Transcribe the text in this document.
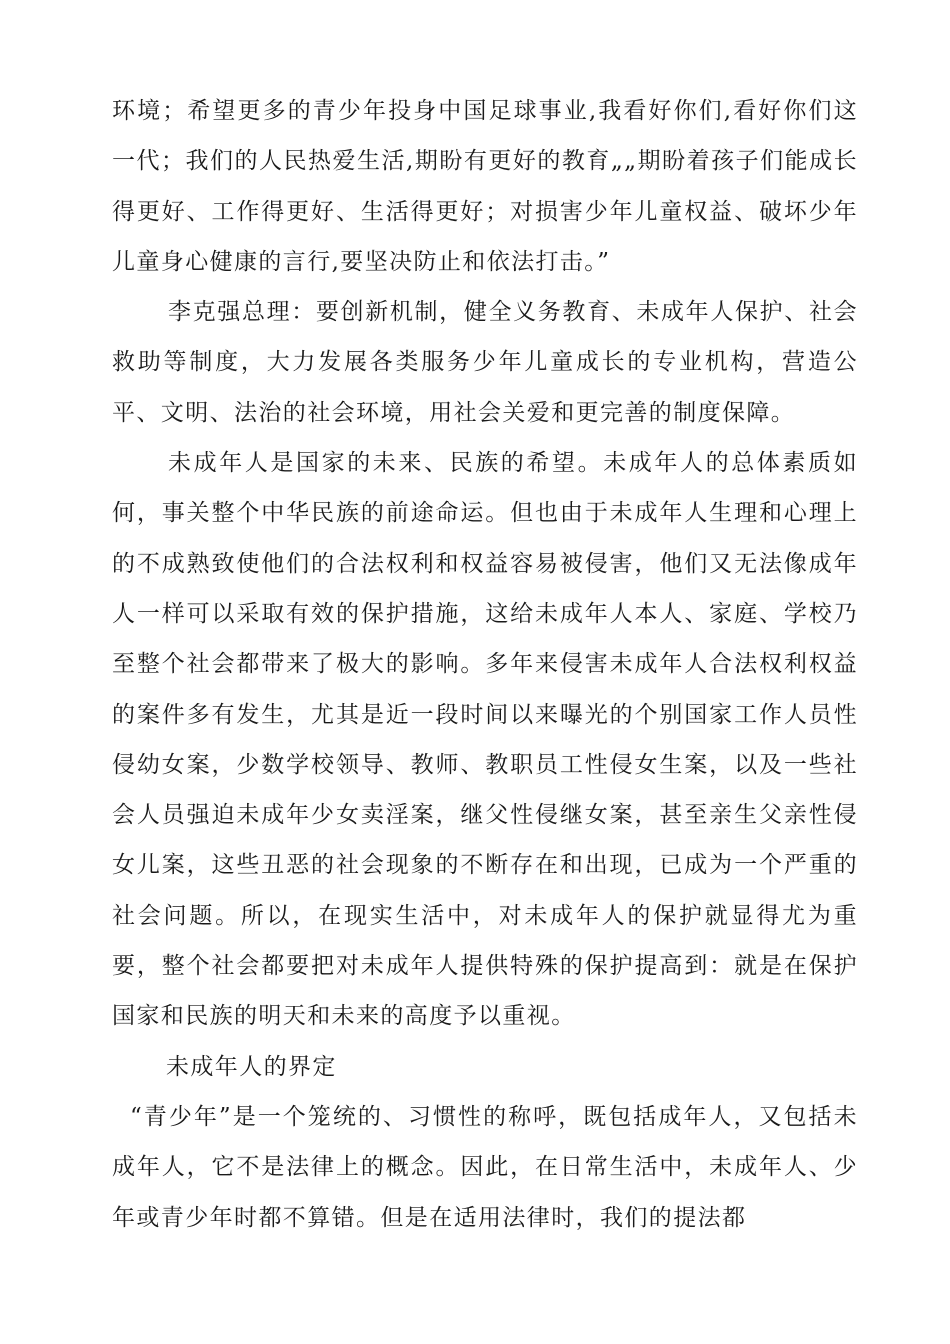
环境；希望更多的青少年投身中国足球事业,我看好你们,看好你们这一代；我们的人民热爱生活,期盼有更好的教育„„期盼着孩子们能成长得更好、工作得更好、生活得更好；对损害少年儿童权益、破坏少年儿童身心健康的言行,要坚决防止和依法打击。”

李克强总理：要创新机制，健全义务教育、未成年人保护、社会救助等制度，大力发展各类服务少年儿童成长的专业机构，营造公平、文明、法治的社会环境，用社会关爱和更完善的制度保障。

未成年人是国家的未来、民族的希望。未成年人的总体素质如何，事关整个中华民族的前途命运。但也由于未成年人生理和心理上的不成熟致使他们的合法权利和权益容易被侵害，他们又无法像成年人一样可以采取有效的保护措施，这给未成年人本人、家庭、学校乃至整个社会都带来了极大的影响。多年来侵害未成年人合法权利权益的案件多有发生，尤其是近一段时间以来曝光的个别国家工作人员性侵幼女案，少数学校领导、教师、教职员工性侵女生案，以及一些社会人员强迫未成年少女卖淫案，继父性侵继女案，甚至亲生父亲性侵女儿案，这些丑恶的社会现象的不断存在和出现，已成为一个严重的社会问题。所以，在现实生活中，对未成年人的保护就显得尤为重要，整个社会都要把对未成年人提供特殊的保护提高到：就是在保护国家和民族的明天和未来的高度予以重视。

未成年人的界定

“青少年”是一个笼统的、习惯性的称呼，既包括成年人，又包括未成年人，它不是法律上的概念。因此，在日常生活中，未成年人、少年或青少年时都不算错。但是在适用法律时，我们的提法都
